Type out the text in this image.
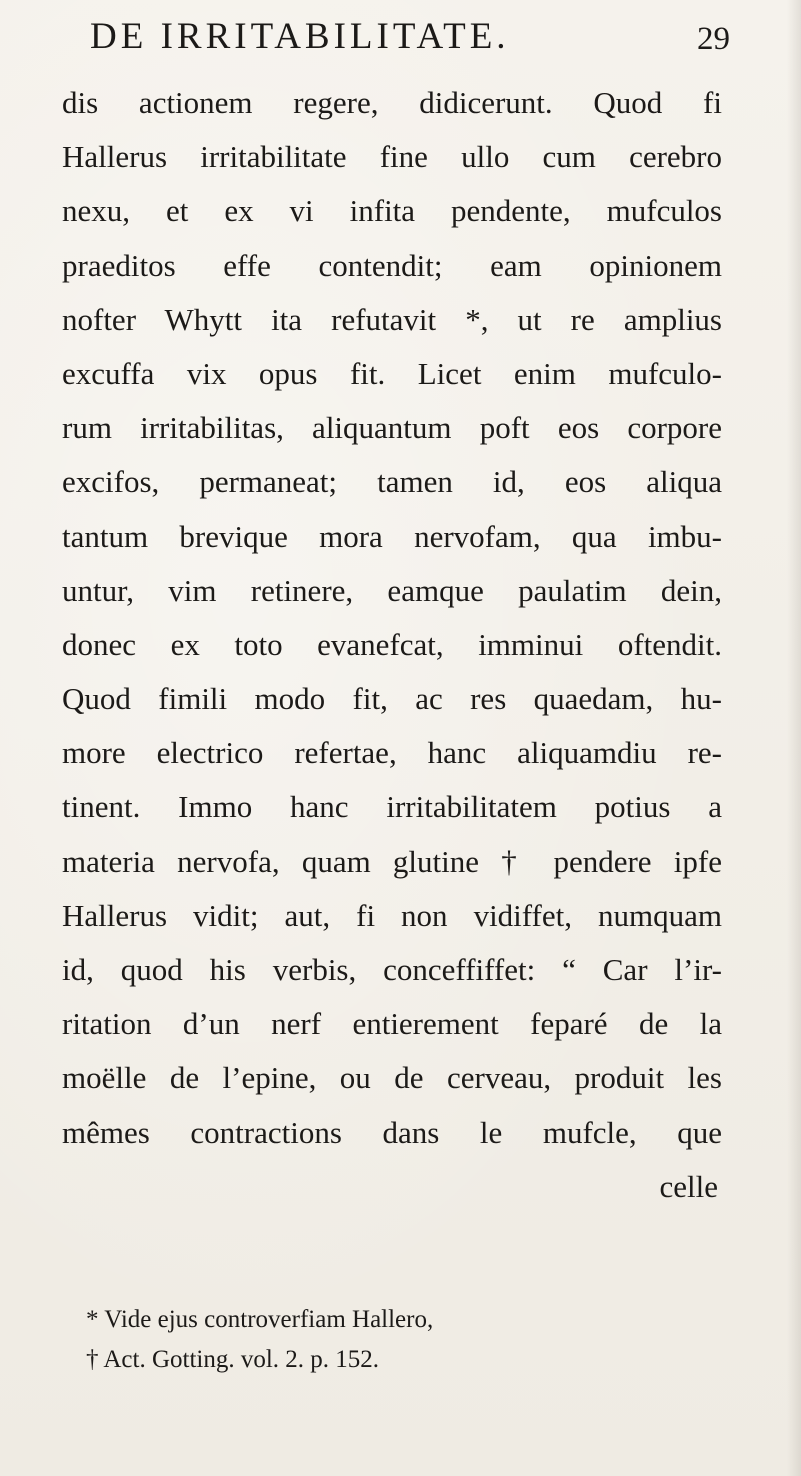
DE IRRITABILITATE.	29
dis actionem regere, didicerunt. Quod fi
Hallerus irritabilitate fine ullo cum cerebro
nexu, et ex vi infita pendente, mufculos
praeditos effe contendit; eam opinionem
nofter Whytt ita refutavit *, ut re amplius
excuffa vix opus fit. Licet enim mufculo-
rum irritabilitas, aliquantum poft eos corpore
excifos, permaneat; tamen id, eos aliqua
tantum brevique mora nervofam, qua imbu-
untur, vim retinere, eamque paulatim dein,
donec ex toto evanefcat, imminui oftendit.
Quod fimili modo fit, ac res quaedam, hu-
more electrico refertae, hanc aliquamdiu re-
tinent. Immo hanc irritabilitatem potius a
materia nervofa, quam glutine † pendere ipfe
Hallerus vidit; aut, fi non vidiffet, numquam
id, quod his verbis, conceffiffet: “ Car l’ir-
ritation d’un nerf entierement feparé de la
moëlle de l’epine, ou de cerveau, produit les
mêmes contractions dans le mufcle, que
celle
* Vide ejus controverfiam Hallero,
† Act. Gotting. vol. 2. p. 152.
